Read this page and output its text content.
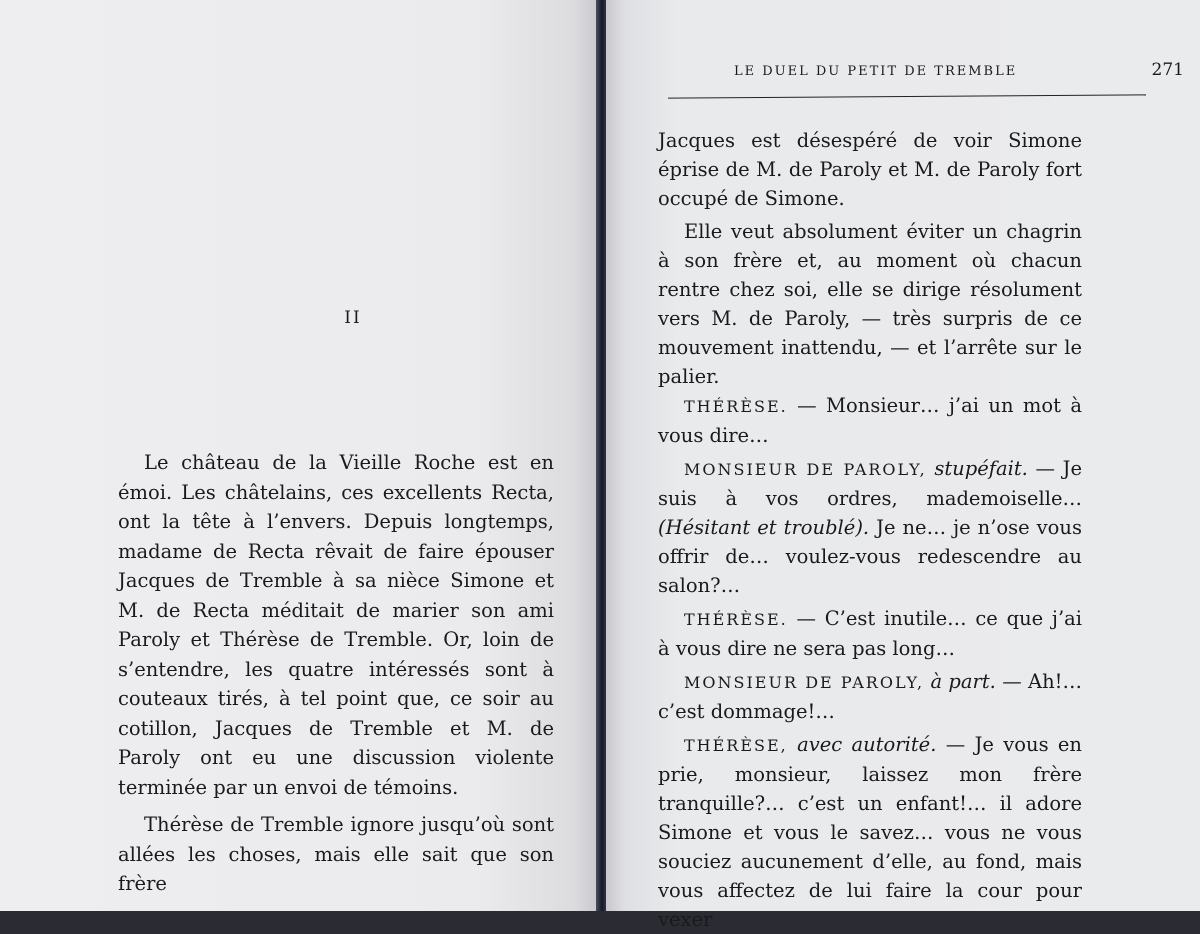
II

Le château de la Vieille Roche est en émoi. Les châtelains, ces excellents Recta, ont la tête à l’envers. Depuis longtemps, madame de Recta rêvait de faire épouser Jacques de Tremble à sa nièce Simone et M. de Recta méditait de marier son ami Paroly et Thérèse de Tremble. Or, loin de s’entendre, les quatre intéressés sont à couteaux tirés, à tel point que, ce soir au cotillon, Jacques de Tremble et M. de Paroly ont eu une discussion violente terminée par un envoi de témoins.

Thérèse de Tremble ignore jusqu’où sont allées les choses, mais elle sait que son frère

LE DUEL DU PETIT DE TREMBLE	271

Jacques est désespéré de voir Simone éprise de M. de Paroly et M. de Paroly fort occupé de Simone.

Elle veut absolument éviter un chagrin à son frère et, au moment où chacun rentre chez soi, elle se dirige résolument vers M. de Paroly, — très surpris de ce mouvement inattendu, — et l’arrête sur le palier.

THÉRÈSE. — Monsieur… j’ai un mot à vous dire…

MONSIEUR DE PAROLY, stupéfait. — Je suis à vos ordres, mademoiselle… (Hésitant et troublé). Je ne… je n’ose vous offrir de… voulez-vous redescendre au salon?…

THÉRÈSE. — C’est inutile… ce que j’ai à vous dire ne sera pas long…

MONSIEUR DE PAROLY, à part. — Ah!… c’est dommage!…

THÉRÈSE, avec autorité. — Je vous en prie, monsieur, laissez mon frère tranquille?… c’est un enfant!… il adore Simone et vous le savez… vous ne vous souciez aucunement d’elle, au fond, mais vous affectez de lui faire la cour pour vexer
